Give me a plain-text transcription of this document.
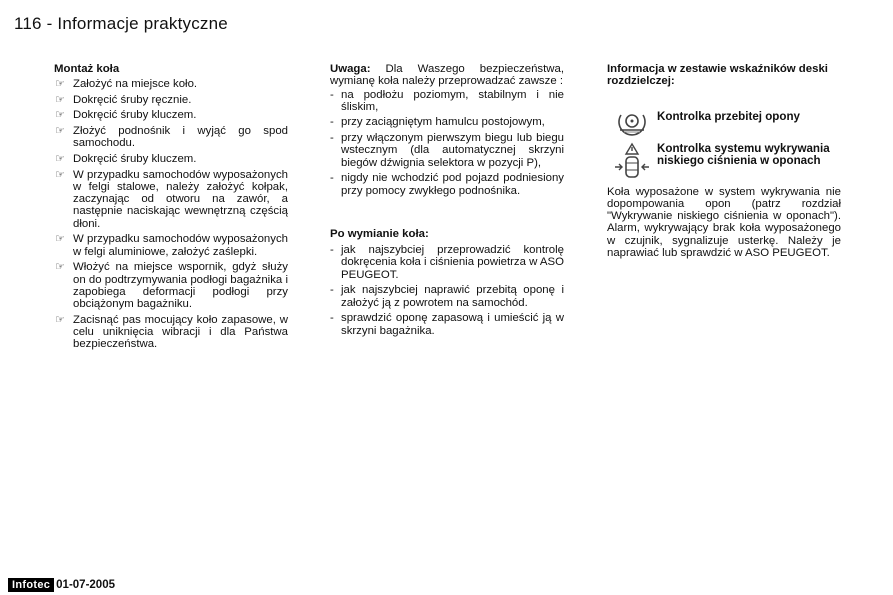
116 - Informacje praktyczne
Montaż koła
☞ Założyć na miejsce koło.
☞ Dokręcić śruby ręcznie.
☞ Dokręcić śruby kluczem.
☞ Złożyć podnośnik i wyjąć go spod samochodu.
☞ Dokręcić śruby kluczem.
☞ W przypadku samochodów wyposażonych w felgi stalowe, należy założyć kołpak, zaczynając od otworu na zawór, a następnie naciskając wewnętrzną częścią dłoni.
☞ W przypadku samochodów wyposażonych w felgi aluminiowe, założyć zaślepki.
☞ Włożyć na miejsce wspornik, gdyż służy on do podtrzymywania podłogi bagażnika i zapobiega deformacji podłogi przy obciążonym bagażniku.
☞ Zacisnąć pas mocujący koło zapasowe, w celu uniknięcia wibracji i dla Państwa bezpieczeństwa.
Uwaga: Dla Waszego bezpieczeństwa, wymianę koła należy przeprowadzać zawsze :
- na podłożu poziomym, stabilnym i nie śliskim,
- przy zaciągniętym hamulcu postojowym,
- przy włączonym pierwszym biegu lub biegu wstecznym (dla automatycznej skrzyni biegów dźwignia selektora w pozycji P),
- nigdy nie wchodzić pod pojazd podniesiony przy pomocy zwykłego podnośnika.
Po wymianie koła:
- jak najszybciej przeprowadzić kontrolę dokręcenia koła i ciśnienia powietrza w ASO PEUGEOT.
- jak najszybciej naprawić przebitą oponę i założyć ją z powrotem na samochód.
- sprawdzić oponę zapasową i umieścić ją w skrzyni bagażnika.
Informacja w zestawie wskaźników deski rozdzielczej:
Kontrolka przebitej opony
Kontrolka systemu wykrywania niskiego ciśnienia w oponach
Koła wyposażone w system wykrywania nie dopompowania opon (patrz rozdział "Wykrywanie niskiego ciśnienia w oponach"). Alarm, wykrywający brak koła wyposażonego w czujnik, sygnalizuje usterkę. Należy je naprawiać lub sprawdzić w ASO PEUGEOT.
Infotec 01-07-2005
